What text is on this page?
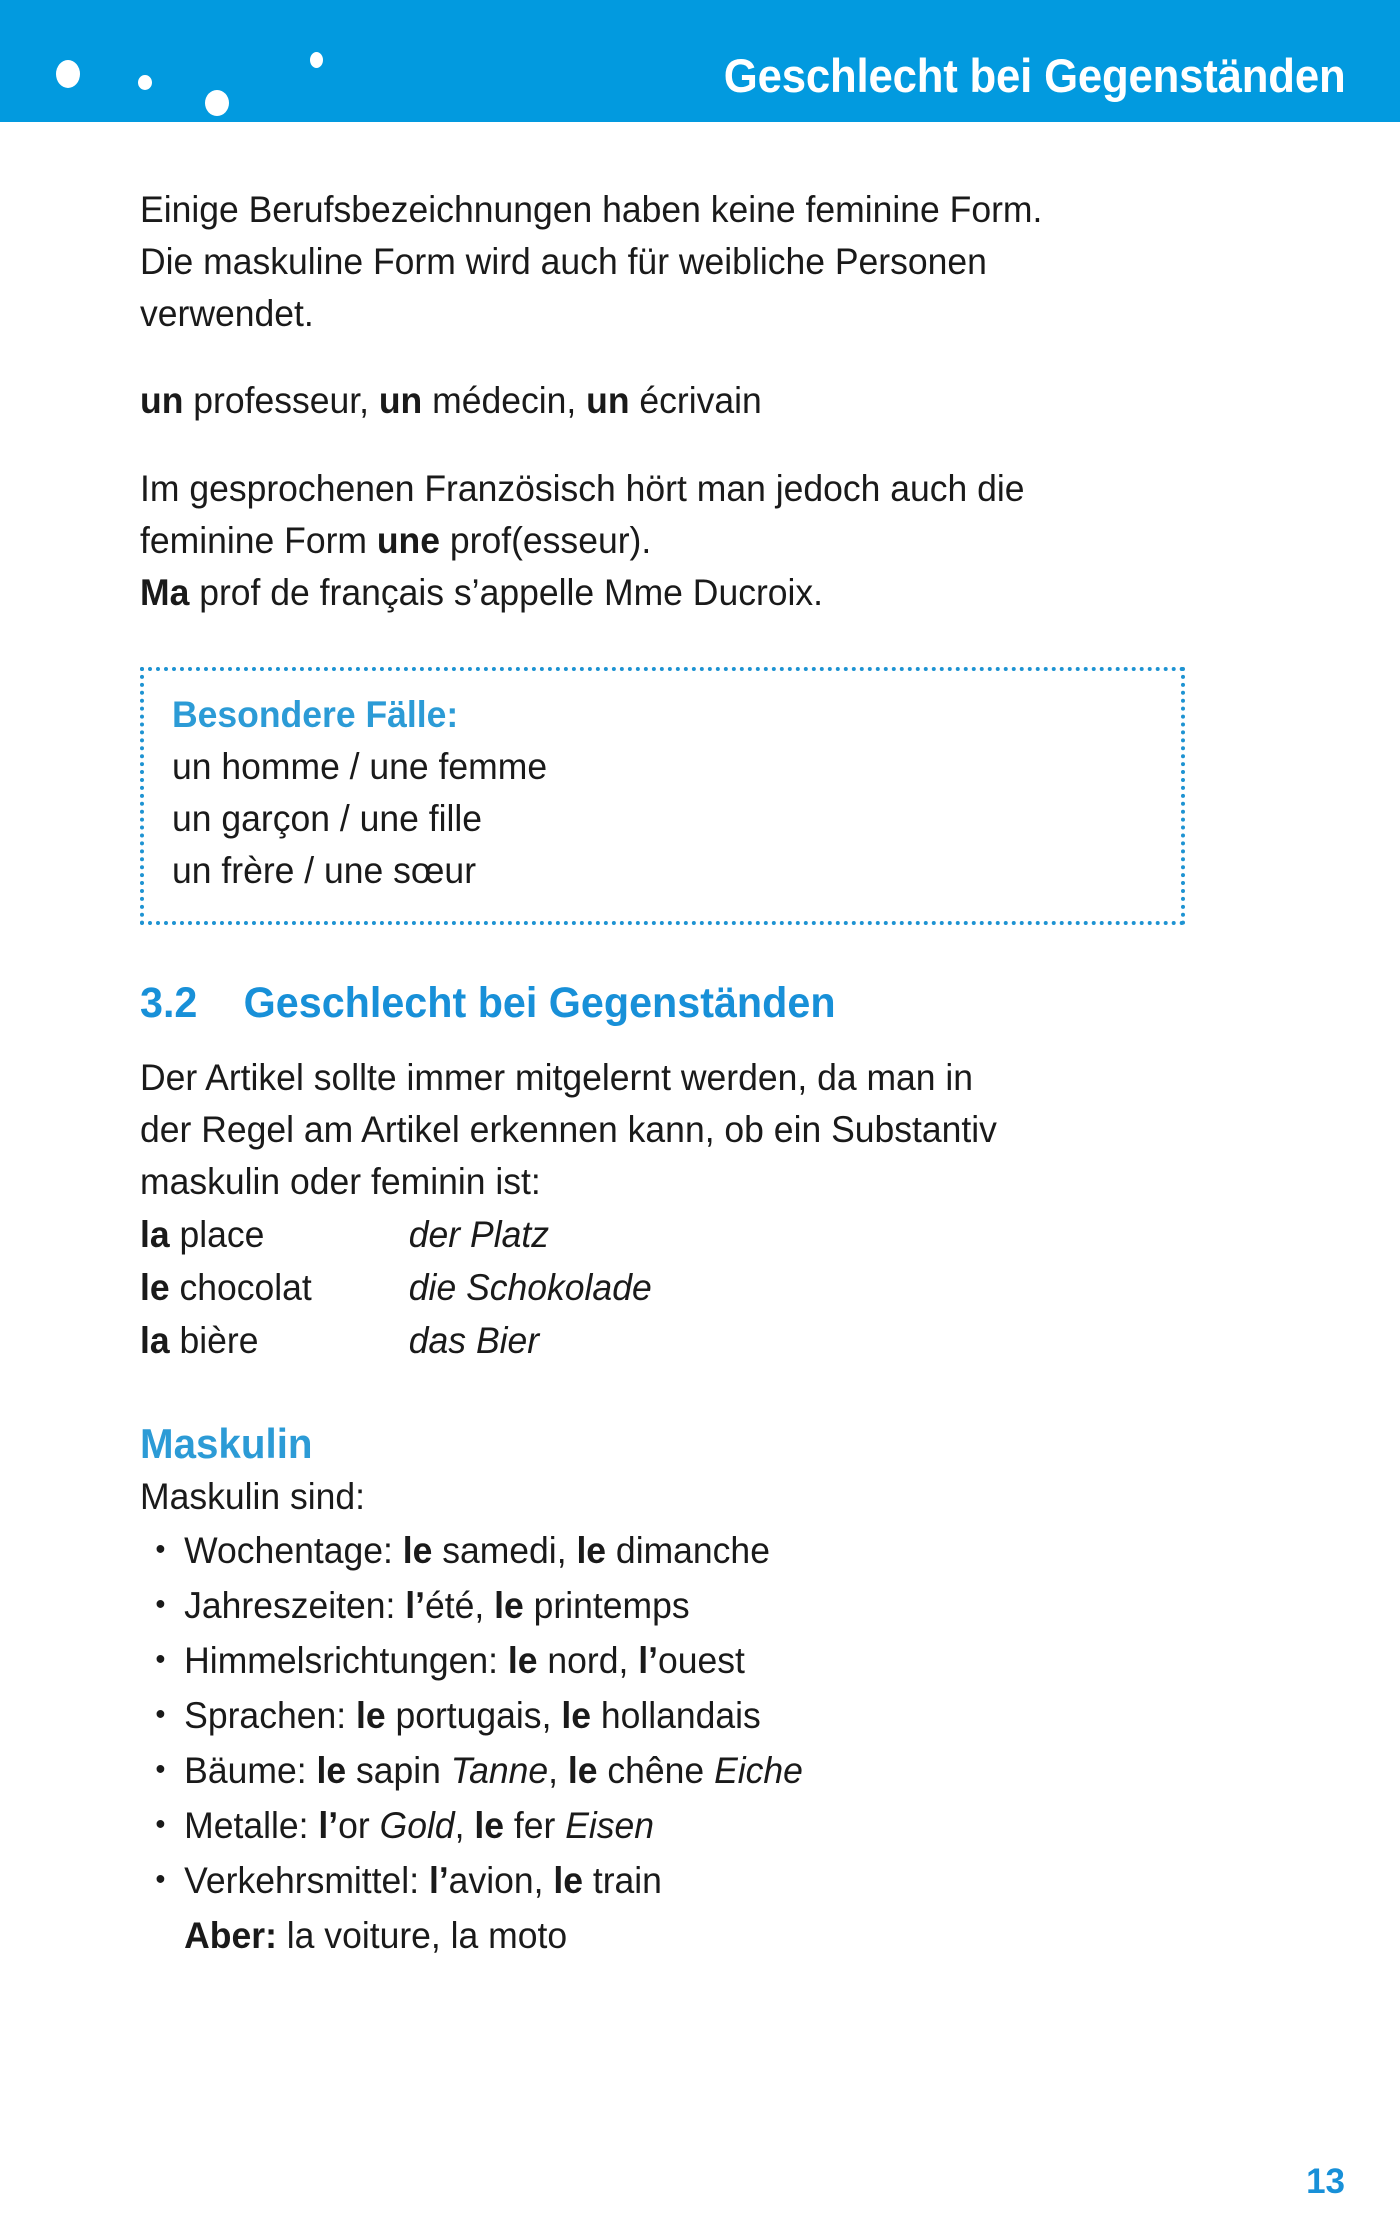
Geschlecht bei Gegenständen
Einige Berufsbezeichnungen haben keine feminine Form.
Die maskuline Form wird auch für weibliche Personen
verwendet.
un professeur, un médecin, un écrivain
Im gesprochenen Französisch hört man jedoch auch die
feminine Form une prof(esseur).
Ma prof de français s’appelle Mme Ducroix.
Besondere Fälle:
un homme / une femme
un garçon / une fille
un frère / une sœur
3.2	Geschlecht bei Gegenständen
Der Artikel sollte immer mitgelernt werden, da man in
der Regel am Artikel erkennen kann, ob ein Substantiv
maskulin oder feminin ist:
la place	der Platz
le chocolat	die Schokolade
la bière	das Bier
Maskulin
Maskulin sind:
• Wochentage: le samedi, le dimanche
• Jahreszeiten: l’été, le printemps
• Himmelsrichtungen: le nord, l’ouest
• Sprachen: le portugais, le hollandais
• Bäume: le sapin Tanne, le chêne Eiche
• Metalle: l’or Gold, le fer Eisen
• Verkehrsmittel: l’avion, le train
Aber: la voiture, la moto
13
